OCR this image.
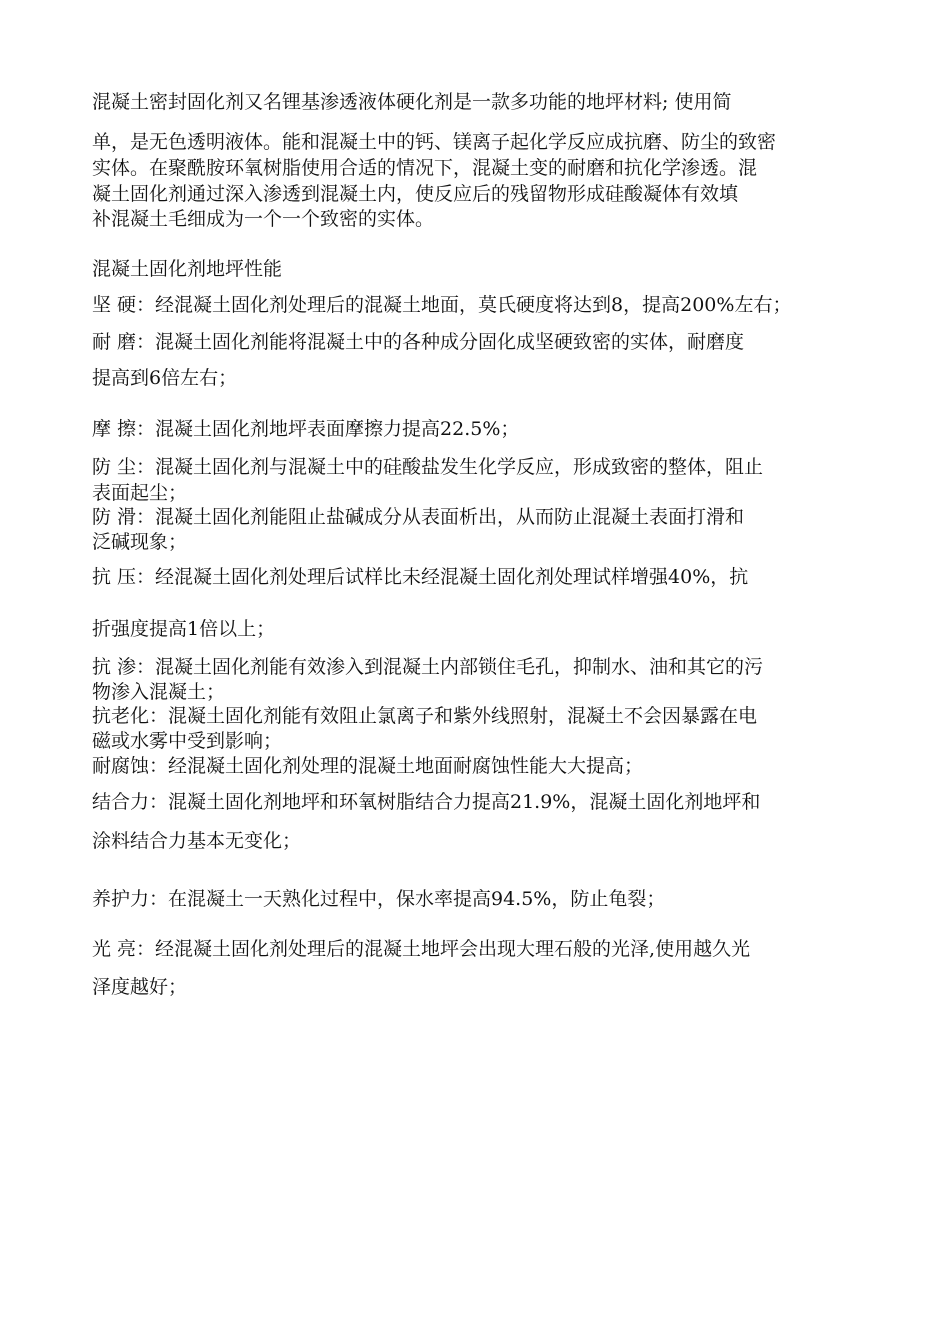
混凝土密封固化剂又名锂基渗透液体硬化剂是一款多功能的地坪材料; 使用简

单，是无色透明液体。能和混凝土中的钙、镁离子起化学反应成抗磨、防尘的致密

实体。在聚酰胺环氧树脂使用合适的情况下，混凝土变的耐磨和抗化学渗透。混

凝土固化剂通过深入渗透到混凝土内，使反应后的残留物形成硅酸凝体有效填

补混凝土毛细成为一个一个致密的实体。

混凝土固化剂地坪性能

坚 硬：经混凝土固化剂处理后的混凝土地面，莫氏硬度将达到8，提高200%左右；

耐 磨：混凝土固化剂能将混凝土中的各种成分固化成坚硬致密的实体，耐磨度

提高到6倍左右；

摩 擦：混凝土固化剂地坪表面摩擦力提高22.5%；

防 尘：混凝土固化剂与混凝土中的硅酸盐发生化学反应，形成致密的整体，阻止

表面起尘；

防 滑：混凝土固化剂能阻止盐碱成分从表面析出，从而防止混凝土表面打滑和

泛碱现象；

抗 压：经混凝土固化剂处理后试样比未经混凝土固化剂处理试样增强40%，抗

折强度提高1倍以上；

抗 渗：混凝土固化剂能有效渗入到混凝土内部锁住毛孔，抑制水、油和其它的污

物渗入混凝土；

抗老化：混凝土固化剂能有效阻止氯离子和紫外线照射，混凝土不会因暴露在电

磁或水雾中受到影响；

耐腐蚀：经混凝土固化剂处理的混凝土地面耐腐蚀性能大大提高；

结合力：混凝土固化剂地坪和环氧树脂结合力提高21.9%，混凝土固化剂地坪和

涂料结合力基本无变化；

养护力：在混凝土一天熟化过程中，保水率提高94.5%，防止龟裂；

光 亮：经混凝土固化剂处理后的混凝土地坪会出现大理石般的光泽,使用越久光

泽度越好；
